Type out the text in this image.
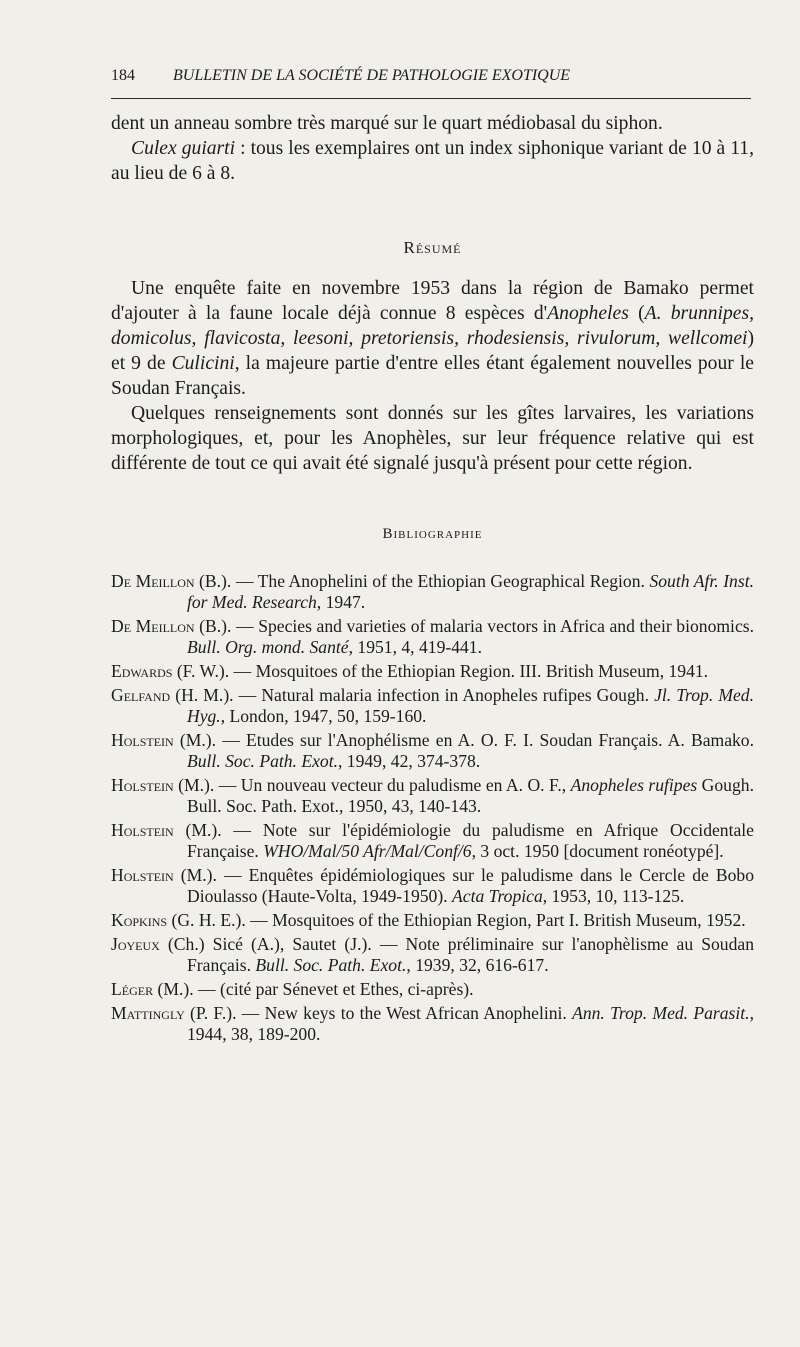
184 BULLETIN DE LA SOCIÉTÉ DE PATHOLOGIE EXOTIQUE

dent un anneau sombre très marqué sur le quart médiobasal du siphon.

Culex guiarti : tous les exemplaires ont un index siphonique variant de 10 à 11, au lieu de 6 à 8.

Résumé

Une enquête faite en novembre 1953 dans la région de Bamako permet d'ajouter à la faune locale déjà connue 8 espèces d'Anopheles (A. brunnipes, domicolus, flavicosta, leesoni, pretoriensis, rhodesiensis, rivulorum, wellcomei) et 9 de Culicini, la majeure partie d'entre elles étant également nouvelles pour le Soudan Français.

Quelques renseignements sont donnés sur les gîtes larvaires, les variations morphologiques, et, pour les Anophèles, sur leur fréquence relative qui est différente de tout ce qui avait été signalé jusqu'à présent pour cette région.

Bibliographie

De Meillon (B.). — The Anophelini of the Ethiopian Geographical Region. South Afr. Inst. for Med. Research, 1947.

De Meillon (B.). — Species and varieties of malaria vectors in Africa and their bionomics. Bull. Org. mond. Santé, 1951, 4, 419-441.

Edwards (F. W.). — Mosquitoes of the Ethiopian Region. III. British Museum, 1941.

Gelfand (H. M.). — Natural malaria infection in Anopheles rufipes Gough. Jl. Trop. Med. Hyg., London, 1947, 50, 159-160.

Holstein (M.). — Etudes sur l'Anophélisme en A. O. F. I. Soudan Français. A. Bamako. Bull. Soc. Path. Exot., 1949, 42, 374-378.

Holstein (M.). — Un nouveau vecteur du paludisme en A. O. F., Anopheles rufipes Gough. Bull. Soc. Path. Exot., 1950, 43, 140-143.

Holstein (M.). — Note sur l'épidémiologie du paludisme en Afrique Occidentale Française. WHO/Mal/50 Afr/Mal/Conf/6, 3 oct. 1950 [document ronéotypé].

Holstein (M.). — Enquêtes épidémiologiques sur le paludisme dans le Cercle de Bobo Dioulasso (Haute-Volta, 1949-1950). Acta Tropica, 1953, 10, 113-125.

Kopkins (G. H. E.). — Mosquitoes of the Ethiopian Region, Part I. British Museum, 1952.

Joyeux (Ch.) Sicé (A.), Sautet (J.). — Note préliminaire sur l'anophèlisme au Soudan Français. Bull. Soc. Path. Exot., 1939, 32, 616-617.

Léger (M.). — (cité par Sénevet et Ethes, ci-après).

Mattingly (P. F.). — New keys to the West African Anophelini. Ann. Trop. Med. Parasit., 1944, 38, 189-200.
